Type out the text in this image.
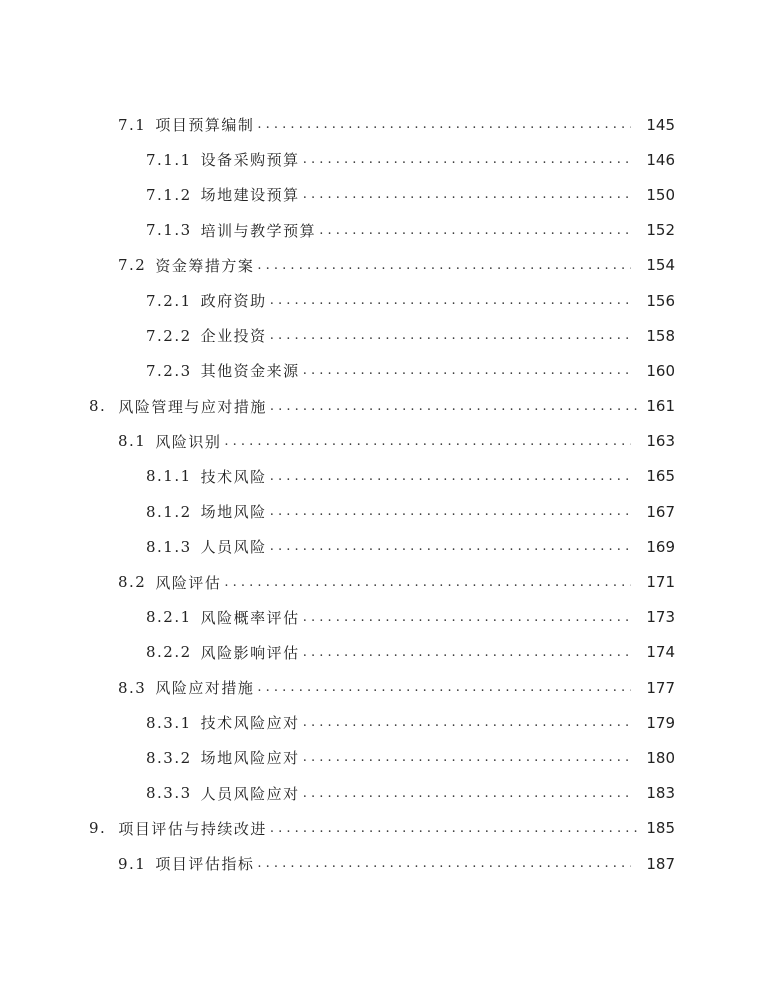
7.1 项目预算编制 . . .	145
7.1.1 设备采购预算 . . .	146
7.1.2 场地建设预算 . . .	150
7.1.3 培训与教学预算 . . .	152
7.2 资金筹措方案 . . .	154
7.2.1 政府资助 . . .	156
7.2.2 企业投资 . . .	158
7.2.3 其他资金来源 . . .	160
8. 风险管理与应对措施 . . .	161
8.1 风险识别 . . .	163
8.1.1 技术风险 . . .	165
8.1.2 场地风险 . . .	167
8.1.3 人员风险 . . .	169
8.2 风险评估 . . .	171
8.2.1 风险概率评估 . . .	173
8.2.2 风险影响评估 . . .	174
8.3 风险应对措施 . . .	177
8.3.1 技术风险应对 . . .	179
8.3.2 场地风险应对 . . .	180
8.3.3 人员风险应对 . . .	183
9. 项目评估与持续改进 . . .	185
9.1 项目评估指标 . . .	187
